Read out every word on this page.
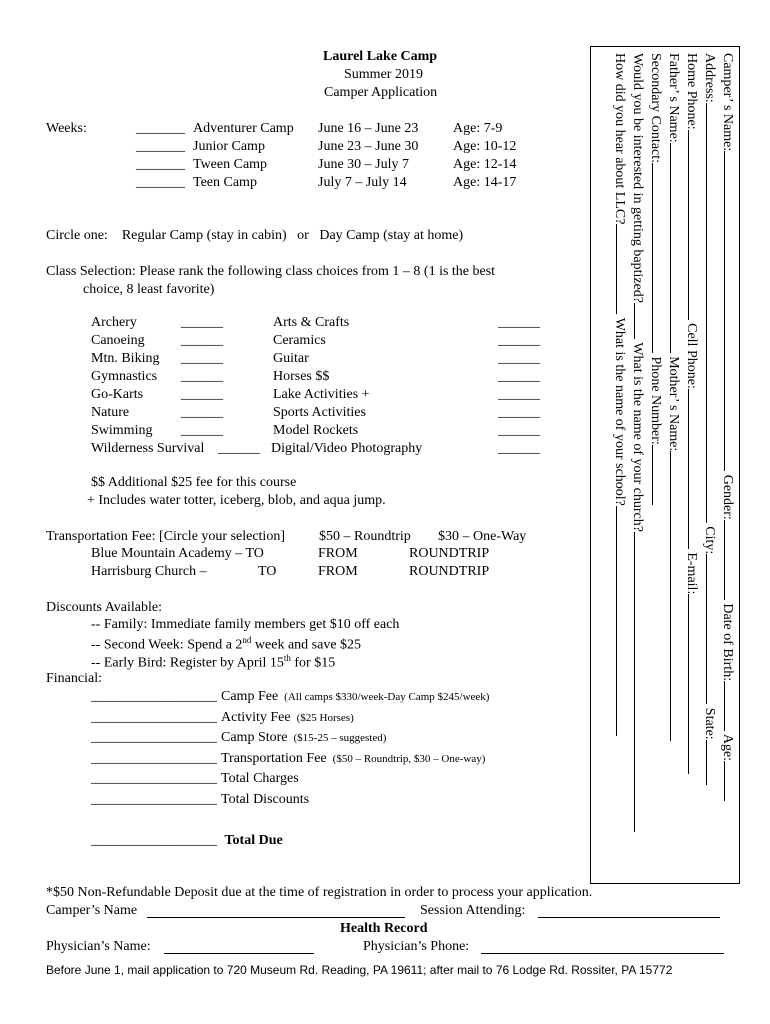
Laurel Lake Camp
Summer 2019
Camper Application
Weeks:	_______ Adventurer Camp June 16 – June 23 Age: 7-9
_______ Junior Camp	June 23 – June 30 Age: 10-12
_______ Tween Camp	June 30 – July 7	Age: 12-14
_______ Teen Camp	July 7 – July 14	Age: 14-17
Circle one: Regular Camp (stay in cabin) or Day Camp (stay at home)
Class Selection: Please rank the following class choices from 1 – 8 (1 is the best
choice, 8 least favorite)
Archery	______	Arts & Crafts	______
Canoeing	______	Ceramics	______
Mtn. Biking ______	Guitar	______
Gymnastics ______	Horses $$	______
Go-Karts	______	Lake Activities +	______
Nature	______	Sports Activities	______
Swimming ______	Model Rockets	______
Wilderness Survival ______ Digital/Video Photography	______
$$ Additional $25 fee for this course
+ Includes water totter, iceberg, blob, and aqua jump.
Transportation Fee: [Circle your selection] $50 – Roundtrip $30 – One-Way
Blue Mountain Academy – TO	FROM	ROUNDTRIP
Harrisburg Church –	TO	FROM	ROUNDTRIP
Discounts Available:
-- Family: Immediate family members get $10 off each
-- Second Week: Spend a 2nd week and save $25
-- Early Bird: Register by April 15th for $15
Financial:
__________________ Camp Fee (All camps $330/week-Day Camp $245/week)
__________________ Activity Fee ($25 Horses)
__________________ Camp Store ($15-25 – suggested)
__________________ Transportation Fee ($50 – Roundtrip, $30 – One-way)
__________________ Total Charges
__________________ Total Discounts
__________________ Total Due
*$50 Non-Refundable Deposit due at the time of registration in order to process your application.
Camper’s Name	Session Attending:
Health Record
Physician’s Name:	Physician’s Phone:
Before June 1, mail application to 720 Museum Rd. Reading, PA 19611; after mail to 76 Lodge Rd. Rossiter, PA 15772
Camper’ s Name: Gender: Date of Birth: Age:
Address: City: State:
Home Phone: Cell Phone: E-mail:
Father’ s Name: Mother’ s Name:
Secondary Contact: Phone Number:
Would you be interested in getting baptized? What is the name of your church?
How did you hear about LLC? What is the name of your school?
